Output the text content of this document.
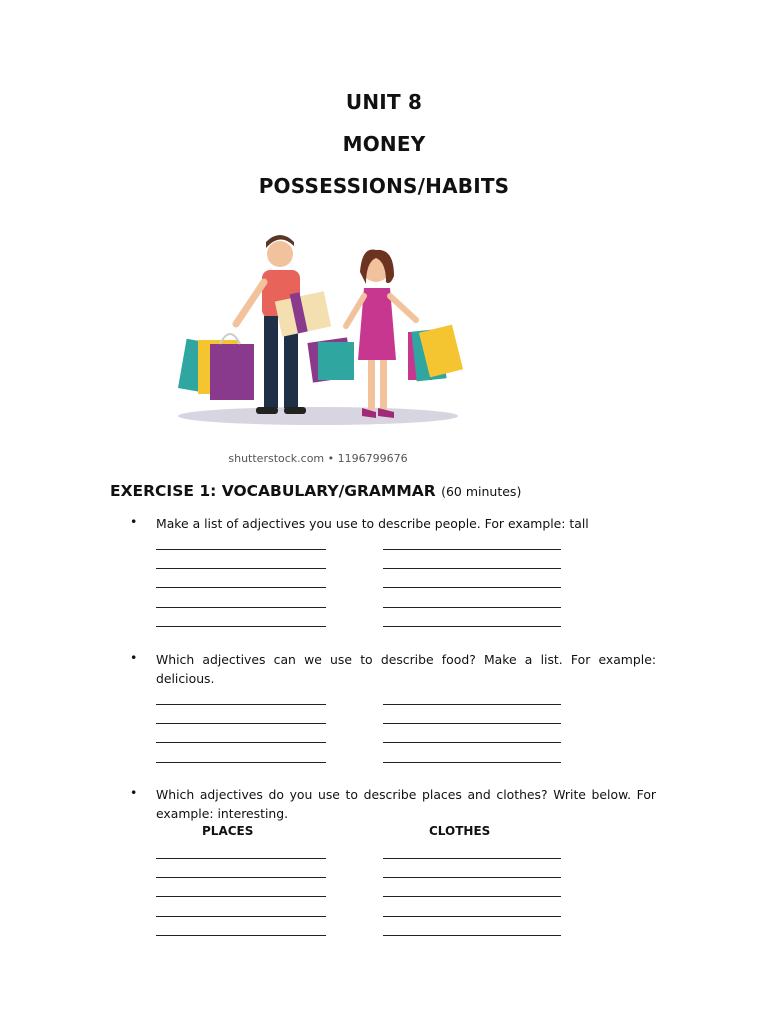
UNIT 8
MONEY
POSSESSIONS/HABITS
shutterstock.com • 1196799676
EXERCISE 1: VOCABULARY/GRAMMAR (60 minutes)
• Make a list of adjectives you use to describe people. For example: tall
• Which adjectives can we use to describe food? Make a list. For example: delicious.
• Which adjectives do you use to describe places and clothes? Write below. For example: interesting.
PLACES	CLOTHES
